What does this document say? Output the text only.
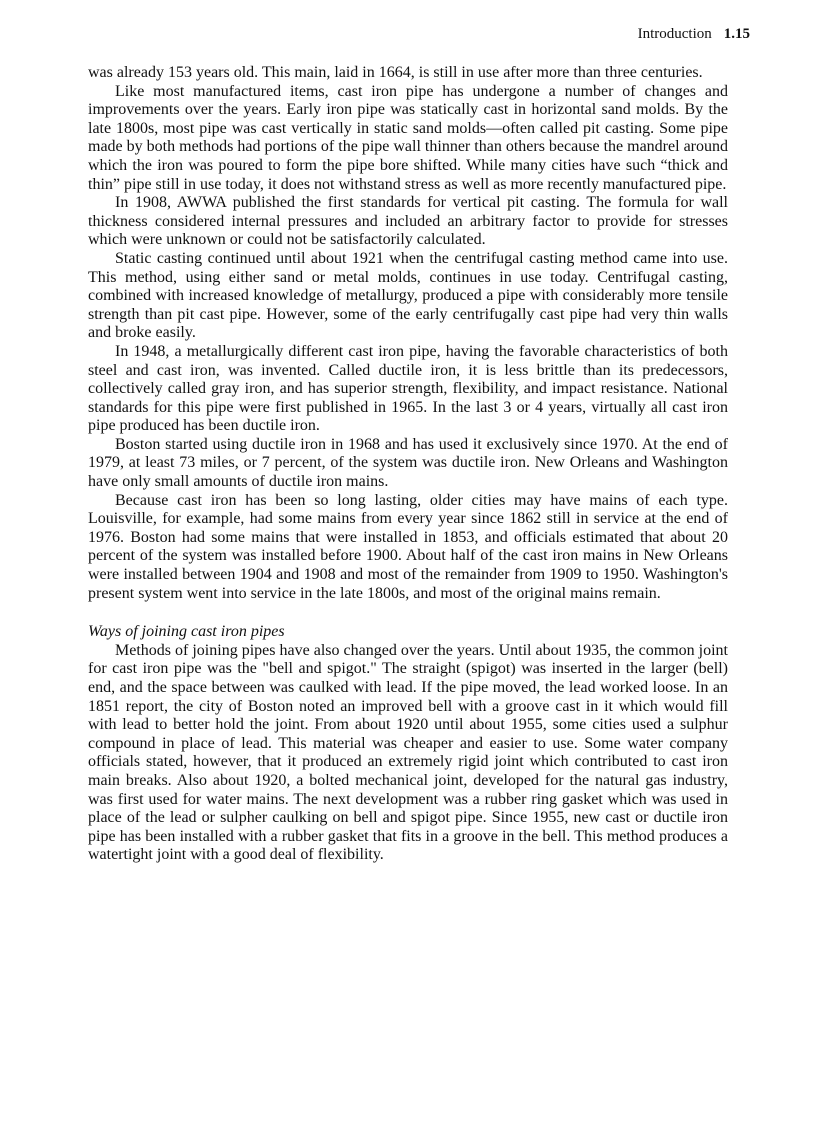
Introduction 1.15

was already 153 years old. This main, laid in 1664, is still in use after more than three centuries.

Like most manufactured items, cast iron pipe has undergone a number of changes and improvements over the years. Early iron pipe was statically cast in horizontal sand molds. By the late 1800s, most pipe was cast vertically in static sand molds—often called pit casting. Some pipe made by both methods had portions of the pipe wall thinner than others because the mandrel around which the iron was poured to form the pipe bore shifted. While many cities have such “thick and thin” pipe still in use today, it does not withstand stress as well as more recently manufactured pipe.

In 1908, AWWA published the first standards for vertical pit casting. The formula for wall thickness considered internal pressures and included an arbitrary factor to provide for stresses which were unknown or could not be satisfactorily calculated.

Static casting continued until about 1921 when the centrifugal casting method came into use. This method, using either sand or metal molds, continues in use today. Centrifugal casting, combined with increased knowledge of metallurgy, produced a pipe with considerably more tensile strength than pit cast pipe. However, some of the early centrifugally cast pipe had very thin walls and broke easily.

In 1948, a metallurgically different cast iron pipe, having the favorable characteristics of both steel and cast iron, was invented. Called ductile iron, it is less brittle than its predecessors, collectively called gray iron, and has superior strength, flexibility, and impact resistance. National standards for this pipe were first published in 1965. In the last 3 or 4 years, virtually all cast iron pipe produced has been ductile iron.

Boston started using ductile iron in 1968 and has used it exclusively since 1970. At the end of 1979, at least 73 miles, or 7 percent, of the system was ductile iron. New Orleans and Washington have only small amounts of ductile iron mains.

Because cast iron has been so long lasting, older cities may have mains of each type. Louisville, for example, had some mains from every year since 1862 still in service at the end of 1976. Boston had some mains that were installed in 1853, and officials estimated that about 20 percent of the system was installed before 1900. About half of the cast iron mains in New Orleans were installed between 1904 and 1908 and most of the remainder from 1909 to 1950. Washington's present system went into service in the late 1800s, and most of the original mains remain.

Ways of joining cast iron pipes

Methods of joining pipes have also changed over the years. Until about 1935, the common joint for cast iron pipe was the "bell and spigot." The straight (spigot) was inserted in the larger (bell) end, and the space between was caulked with lead. If the pipe moved, the lead worked loose. In an 1851 report, the city of Boston noted an improved bell with a groove cast in it which would fill with lead to better hold the joint. From about 1920 until about 1955, some cities used a sulphur compound in place of lead. This material was cheaper and easier to use. Some water company officials stated, however, that it produced an extremely rigid joint which contributed to cast iron main breaks. Also about 1920, a bolted mechanical joint, developed for the natural gas industry, was first used for water mains. The next development was a rubber ring gasket which was used in place of the lead or sulpher caulking on bell and spigot pipe. Since 1955, new cast or ductile iron pipe has been installed with a rubber gasket that fits in a groove in the bell. This method produces a watertight joint with a good deal of flexibility.
